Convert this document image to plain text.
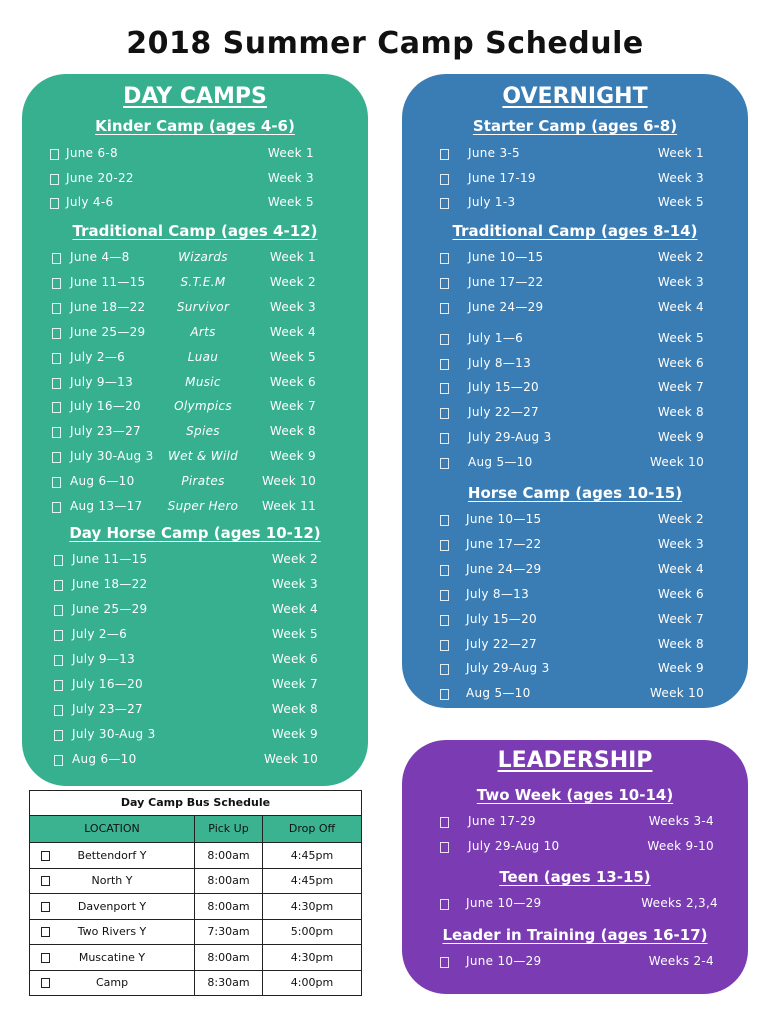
2018 Summer Camp Schedule
DAY CAMPS
Kinder Camp (ages 4-6)
June 6-8	Week 1
June 20-22	Week 3
July 4-6	Week 5
Traditional Camp (ages 4-12)
June 4—8	Wizards	Week 1
June 11—15	S.T.E.M	Week 2
June 18—22	Survivor	Week 3
June 25—29	Arts	Week 4
July 2—6	Luau	Week 5
July 9—13	Music	Week 6
July 16—20	Olympics	Week 7
July 23—27	Spies	Week 8
July 30-Aug 3	Wet & Wild	Week 9
Aug 6—10	Pirates	Week 10
Aug 13—17	Super Hero	Week 11
Day Horse Camp (ages 10-12)
June 11—15	Week 2
June 18—22	Week 3
June 25—29	Week 4
July 2—6	Week 5
July 9—13	Week 6
July 16—20	Week 7
July 23—27	Week 8
July 30-Aug 3	Week 9
Aug 6—10	Week 10
OVERNIGHT
Starter Camp (ages 6-8)
June 3-5	Week 1
June 17-19	Week 3
July 1-3	Week 5
Traditional Camp (ages 8-14)
June 10—15	Week 2
June 17—22	Week 3
June 24—29	Week 4
July 1—6	Week 5
July 8—13	Week 6
July 15—20	Week 7
July 22—27	Week 8
July 29-Aug 3	Week 9
Aug 5—10	Week 10
Horse Camp (ages 10-15)
June 10—15	Week 2
June 17—22	Week 3
June 24—29	Week 4
July 8—13	Week 6
July 15—20	Week 7
July 22—27	Week 8
July 29-Aug 3	Week 9
Aug 5—10	Week 10
LEADERSHIP
Two Week (ages 10-14)
June 17-29	Weeks 3-4
July 29-Aug 10	Week 9-10
Teen (ages 13-15)
June 10—29	Weeks 2,3,4
Leader in Training (ages 16-17)
June 10—29	Weeks 2-4
Day Camp Bus Schedule
LOCATION	Pick Up	Drop Off
Bettendorf Y	8:00am	4:45pm
North Y	8:00am	4:45pm
Davenport Y	8:00am	4:30pm
Two Rivers Y	7:30am	5:00pm
Muscatine Y	8:00am	4:30pm
Camp	8:30am	4:00pm
